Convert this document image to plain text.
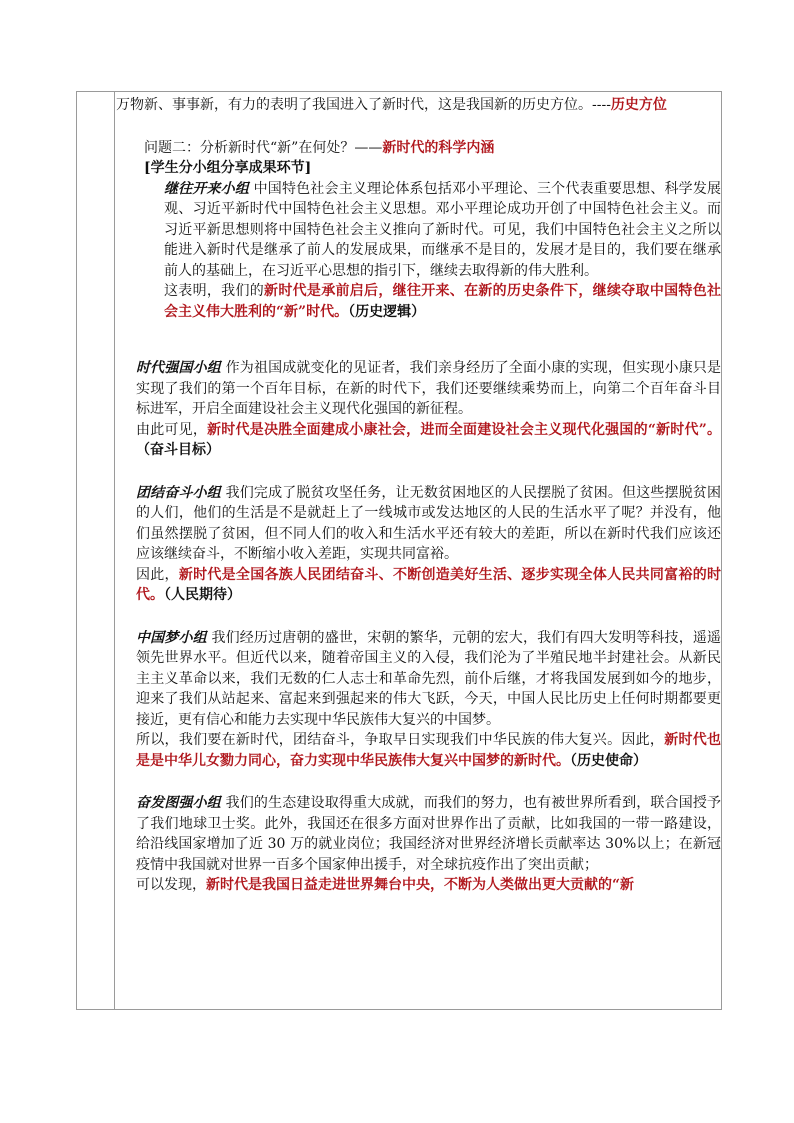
万物新、事事新，有力的表明了我国进入了新时代，这是我国新的历史方位。----历史方位

问题二：分析新时代“新”在何处？——新时代的科学内涵

[学生分小组分享成果环节]

继往开来小组 中国特色社会主义理论体系包括邓小平理论、三个代表重要思想、科学发展观、习近平新时代中国特色社会主义思想。邓小平理论成功开创了中国特色社会主义。而习近平新思想则将中国特色社会主义推向了新时代。可见，我们中国特色社会主义之所以能进入新时代是继承了前人的发展成果，而继承不是目的，发展才是目的，我们要在继承前人的基础上，在习近平心思想的指引下，继续去取得新的伟大胜利。

这表明，我们的新时代是承前启后，继往开来、在新的历史条件下，继续夺取中国特色社会主义伟大胜利的“新”时代。（历史逻辑）

时代强国小组 作为祖国成就变化的见证者，我们亲身经历了全面小康的实现，但实现小康只是实现了我们的第一个百年目标，在新的时代下，我们还要继续乘势而上，向第二个百年奋斗目标进军，开启全面建设社会主义现代化强国的新征程。

由此可见，新时代是决胜全面建成小康社会，进而全面建设社会主义现代化强国的“新时代”。（奋斗目标）

团结奋斗小组 我们完成了脱贫攻坚任务，让无数贫困地区的人民摆脱了贫困。但这些摆脱贫困的人们，他们的生活是不是就赶上了一线城市或发达地区的人民的生活水平了呢？并没有，他们虽然摆脱了贫困，但不同人们的收入和生活水平还有较大的差距，所以在新时代我们应该还应该继续奋斗，不断缩小收入差距，实现共同富裕。

因此，新时代是全国各族人民团结奋斗、不断创造美好生活、逐步实现全体人民共同富裕的时代。（人民期待）

中国梦小组 我们经历过唐朝的盛世，宋朝的繁华，元朝的宏大，我们有四大发明等科技，遥遥领先世界水平。但近代以来，随着帝国主义的入侵，我们沦为了半殖民地半封建社会。从新民主主义革命以来，我们无数的仁人志士和革命先烈，前仆后继，才将我国发展到如今的地步，迎来了我们从站起来、富起来到强起来的伟大飞跃，今天，中国人民比历史上任何时期都要更接近，更有信心和能力去实现中华民族伟大复兴的中国梦。

所以，我们要在新时代，团结奋斗，争取早日实现我们中华民族的伟大复兴。因此，新时代也是是中华儿女勠力同心，奋力实现中华民族伟大复兴中国梦的新时代。（历史使命）

奋发图强小组 我们的生态建设取得重大成就，而我们的努力，也有被世界所看到，联合国授予了我们地球卫士奖。此外，我国还在很多方面对世界作出了贡献，比如我国的一带一路建设，给沿线国家增加了近 30 万的就业岗位；我国经济对世界经济增长贡献率达 30%以上；在新冠疫情中我国就对世界一百多个国家伸出援手，对全球抗疫作出了突出贡献；

可以发现，新时代是我国日益走进世界舞台中央，不断为人类做出更大贡献的“新
